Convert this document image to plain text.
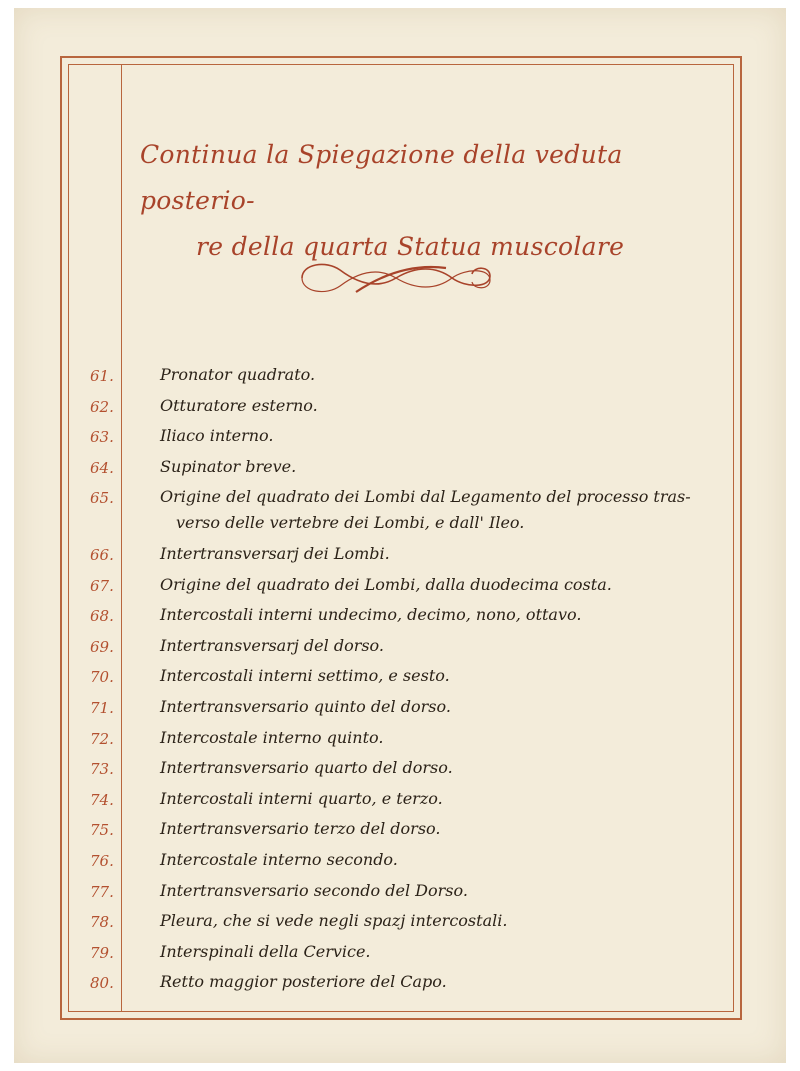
Continua la Spiegazione della veduta posterio-
re della quarta Statua muscolare
61.	Pronator quadrato.
62.	Otturatore esterno.
63.	Iliaco interno.
64.	Supinator breve.
65.	Origine del quadrato dei Lombi dal Legamento del processo tras-
verso delle vertebre dei Lombi, e dall' Ileo.
66.	Intertransversarj dei Lombi.
67.	Origine del quadrato dei Lombi, dalla duodecima costa.
68.	Intercostali interni undecimo, decimo, nono, ottavo.
69.	Intertransversarj del dorso.
70.	Intercostali interni settimo, e sesto.
71.	Intertransversario quinto del dorso.
72.	Intercostale interno quinto.
73.	Intertransversario quarto del dorso.
74.	Intercostali interni quarto, e terzo.
75.	Intertransversario terzo del dorso.
76.	Intercostale interno secondo.
77.	Intertransversario secondo del Dorso.
78.	Pleura, che si vede negli spazj intercostali.
79.	Interspinali della Cervice.
80.	Retto maggior posteriore del Capo.
